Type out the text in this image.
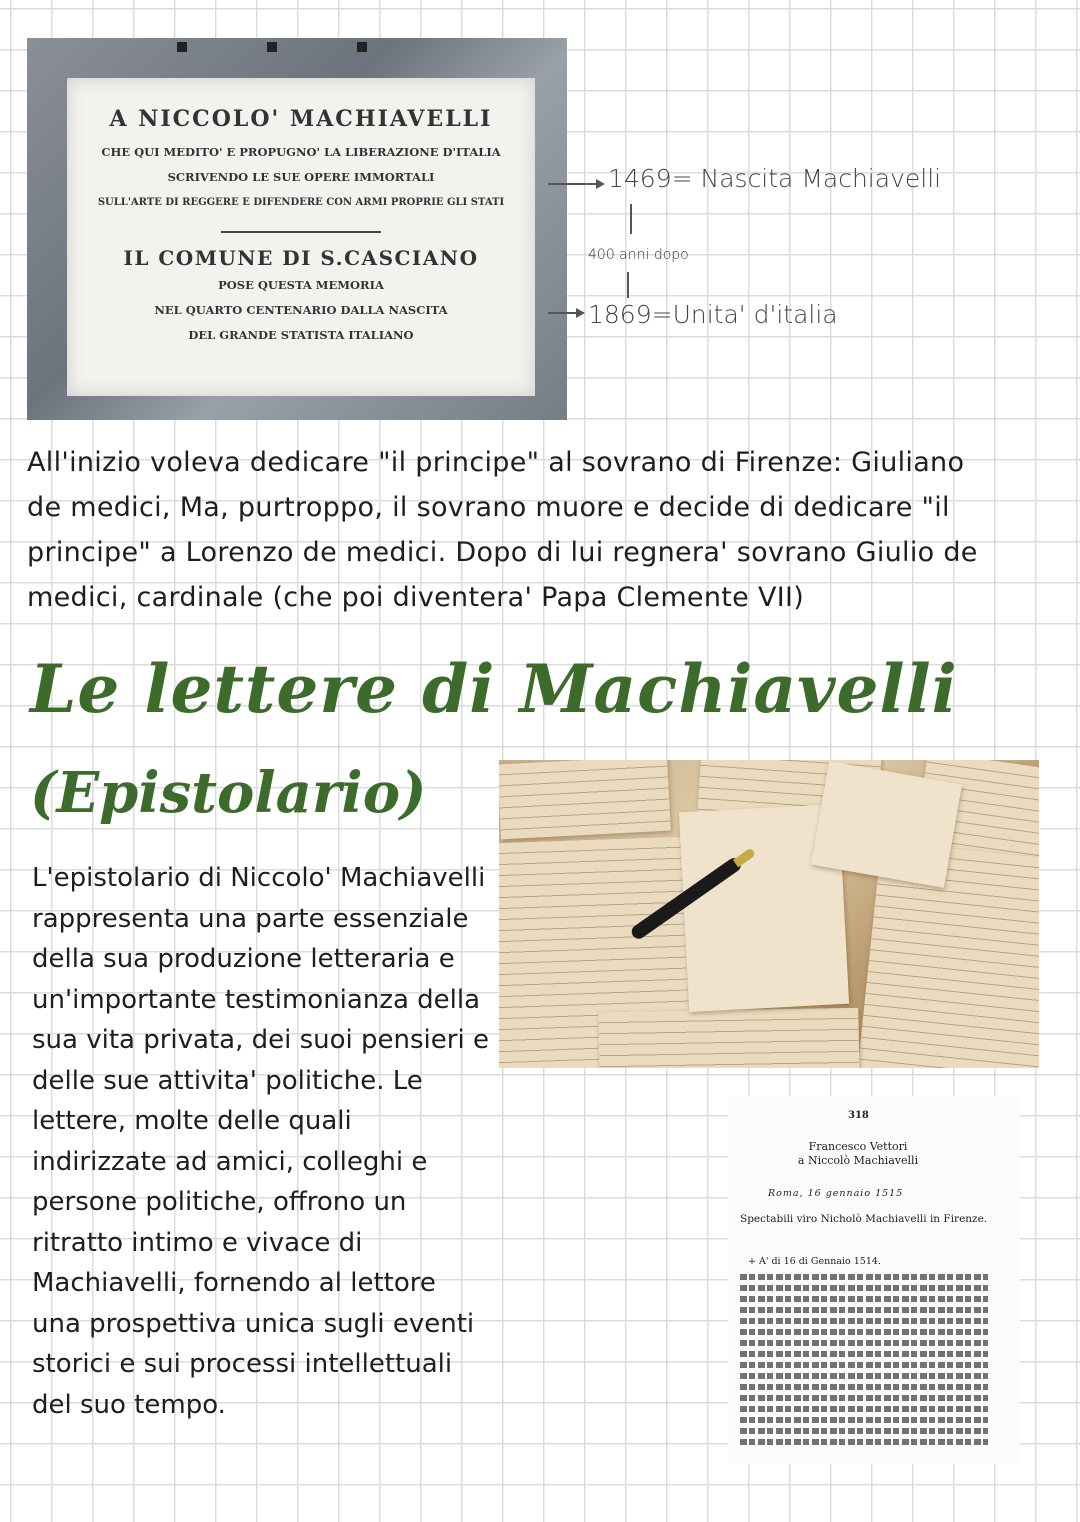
A NICCOLO' MACHIAVELLI
CHE QUI MEDITO' E PROPUGNO' LA LIBERAZIONE D'ITALIA
SCRIVENDO LE SUE OPERE IMMORTALI
SULL'ARTE DI REGGERE E DIFENDERE CON ARMI PROPRIE GLI STATI
IL COMUNE DI S.CASCIANO
POSE QUESTA MEMORIA
NEL QUARTO CENTENARIO DALLA NASCITA
DEL GRANDE STATISTA ITALIANO
1469= Nascita Machiavelli
400 anni dopo
1869=Unita' d'italia
All'inizio voleva dedicare "il principe" al sovrano di Firenze: Giuliano de medici, Ma, purtroppo, il sovrano muore e decide di dedicare "il principe" a Lorenzo de medici. Dopo di lui regnera' sovrano Giulio de medici, cardinale (che poi diventera' Papa Clemente VII)
Le lettere di Machiavelli
(Epistolario)
L'epistolario di Niccolo' Machiavelli rappresenta una parte essenziale della sua produzione letteraria e un'importante testimonianza della sua vita privata, dei suoi pensieri e delle sue attivita' politiche. Le lettere, molte delle quali indirizzate ad amici, colleghi e persone politiche, offrono un ritratto intimo e vivace di Machiavelli, fornendo al lettore una prospettiva unica sugli eventi storici e sui processi intellettuali del suo tempo.
318
Francesco Vettori
a Niccolò Machiavelli
Roma, 16 gennaio 1515
Spectabili viro Nicholò Machiavelli in Firenze.
+ A' di 16 di Gennaio 1514.
